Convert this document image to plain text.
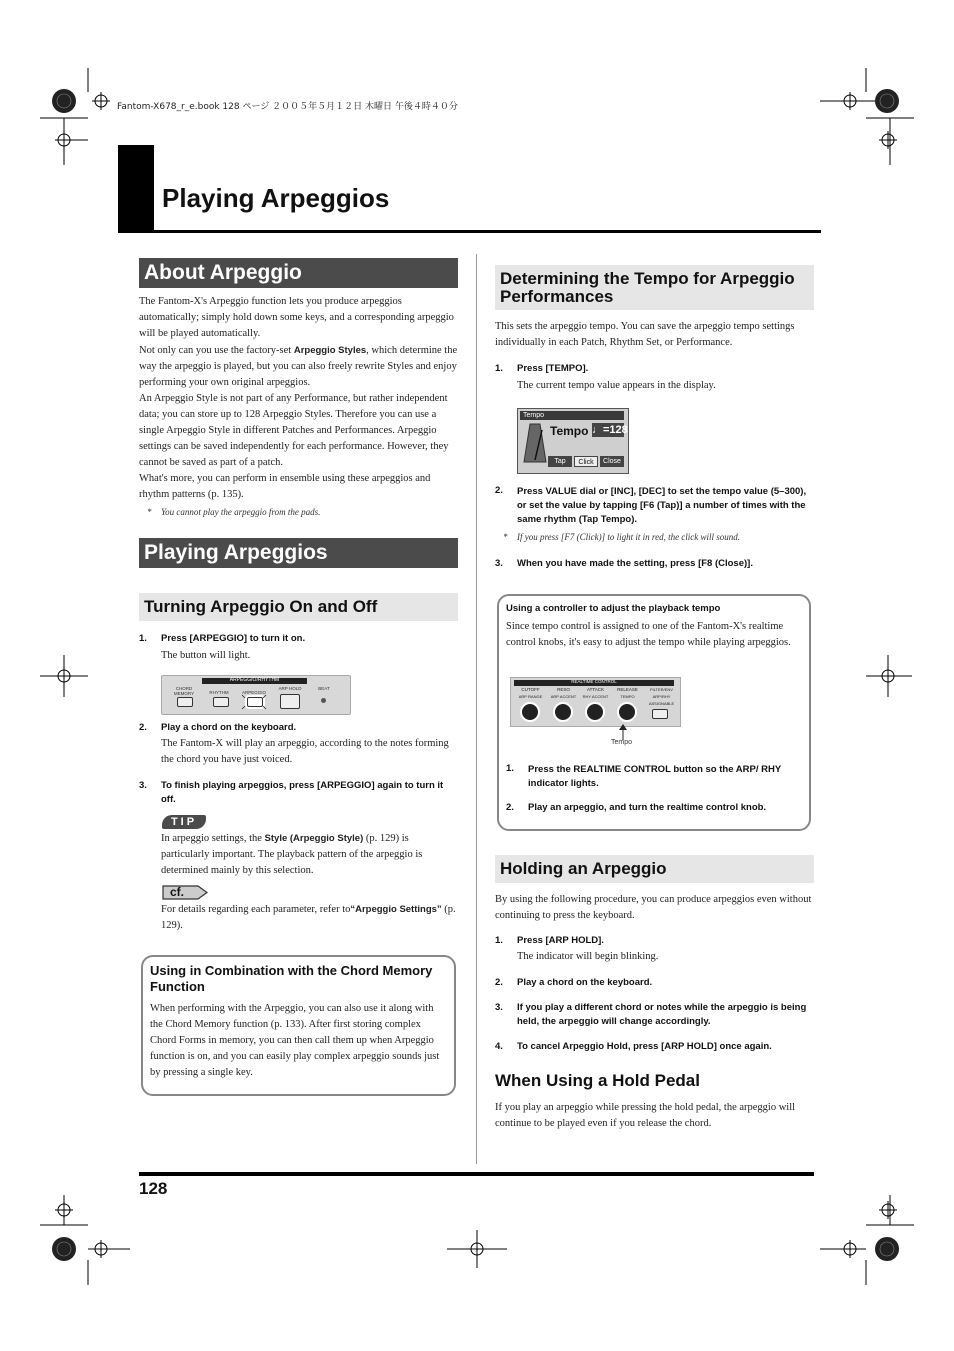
Fantom-X678_r_e.book 128 ページ ２００５年５月１２日 木曜日 午後４時４０分
Playing Arpeggios
About Arpeggio
The Fantom-X's Arpeggio function lets you produce arpeggios automatically; simply hold down some keys, and a corresponding arpeggio will be played automatically.
Not only can you use the factory-set Arpeggio Styles, which determine the way the arpeggio is played, but you can also freely rewrite Styles and enjoy performing your own original arpeggios.
An Arpeggio Style is not part of any Performance, but rather independent data; you can store up to 128 Arpeggio Styles. Therefore you can use a single Arpeggio Style in different Patches and Performances. Arpeggio settings can be saved independently for each performance. However, they cannot be saved as part of a patch.
What's more, you can perform in ensemble using these arpeggios and rhythm patterns (p. 135).
* You cannot play the arpeggio from the pads.
Playing Arpeggios
Turning Arpeggio On and Off
1. Press [ARPEGGIO] to turn it on.
The button will light.
ARPEGGIO/RHYTHM
CHORD MEMORY	RHYTHM	ARPEGGIO
ARP HOLD	BEAT
2. Play a chord on the keyboard.
The Fantom-X will play an arpeggio, according to the notes forming the chord you have just voiced.
3. To finish playing arpeggios, press [ARPEGGIO] again to turn it off.
TIP
In arpeggio settings, the Style (Arpeggio Style) (p. 129) is particularly important. The playback pattern of the arpeggio is determined mainly by this selection.
cf.
For details regarding each parameter, refer to“Arpeggio Settings” (p. 129).
Using in Combination with the Chord Memory Function
When performing with the Arpeggio, you can also use it along with the Chord Memory function (p. 133). After first storing complex Chord Forms in memory, you can then call them up when Arpeggio function is on, and you can easily play complex arpeggio sounds just by pressing a single key.
Determining the Tempo for Arpeggio Performances
This sets the arpeggio tempo. You can save the arpeggio tempo settings individually in each Patch, Rhythm Set, or Performance.
1. Press [TEMPO].
The current tempo value appears in the display.
Tempo
Tempo ♩=128
Tap	Click	Close
2. Press VALUE dial or [INC], [DEC] to set the tempo value (5–300), or set the value by tapping [F6 (Tap)] a number of times with the same rhythm (Tap Tempo).
* If you press [F7 (Click)] to light it in red, the click will sound.
3. When you have made the setting, press [F8 (Close)].
Using a controller to adjust the playback tempo
Since tempo control is assigned to one of the Fantom-X's realtime control knobs, it's easy to adjust the tempo while playing arpeggios.
REALTIME CONTROL
CUTOFF
ARP RANGE
RESO
ARP ACCENT
ATTACK
RHY ACCENT
RELEASE
TEMPO
FILTER/ENV
ARP/RHY
ASSIGNABLE
Tempo
1. Press the REALTIME CONTROL button so the ARP/ RHY indicator lights.
2. Play an arpeggio, and turn the realtime control knob.
Holding an Arpeggio
By using the following procedure, you can produce arpeggios even without continuing to press the keyboard.
1. Press [ARP HOLD].
The indicator will begin blinking.
2. Play a chord on the keyboard.
3. If you play a different chord or notes while the arpeggio is being held, the arpeggio will change accordingly.
4. To cancel Arpeggio Hold, press [ARP HOLD] once again.
When Using a Hold Pedal
If you play an arpeggio while pressing the hold pedal, the arpeggio will continue to be played even if you release the chord.
128
